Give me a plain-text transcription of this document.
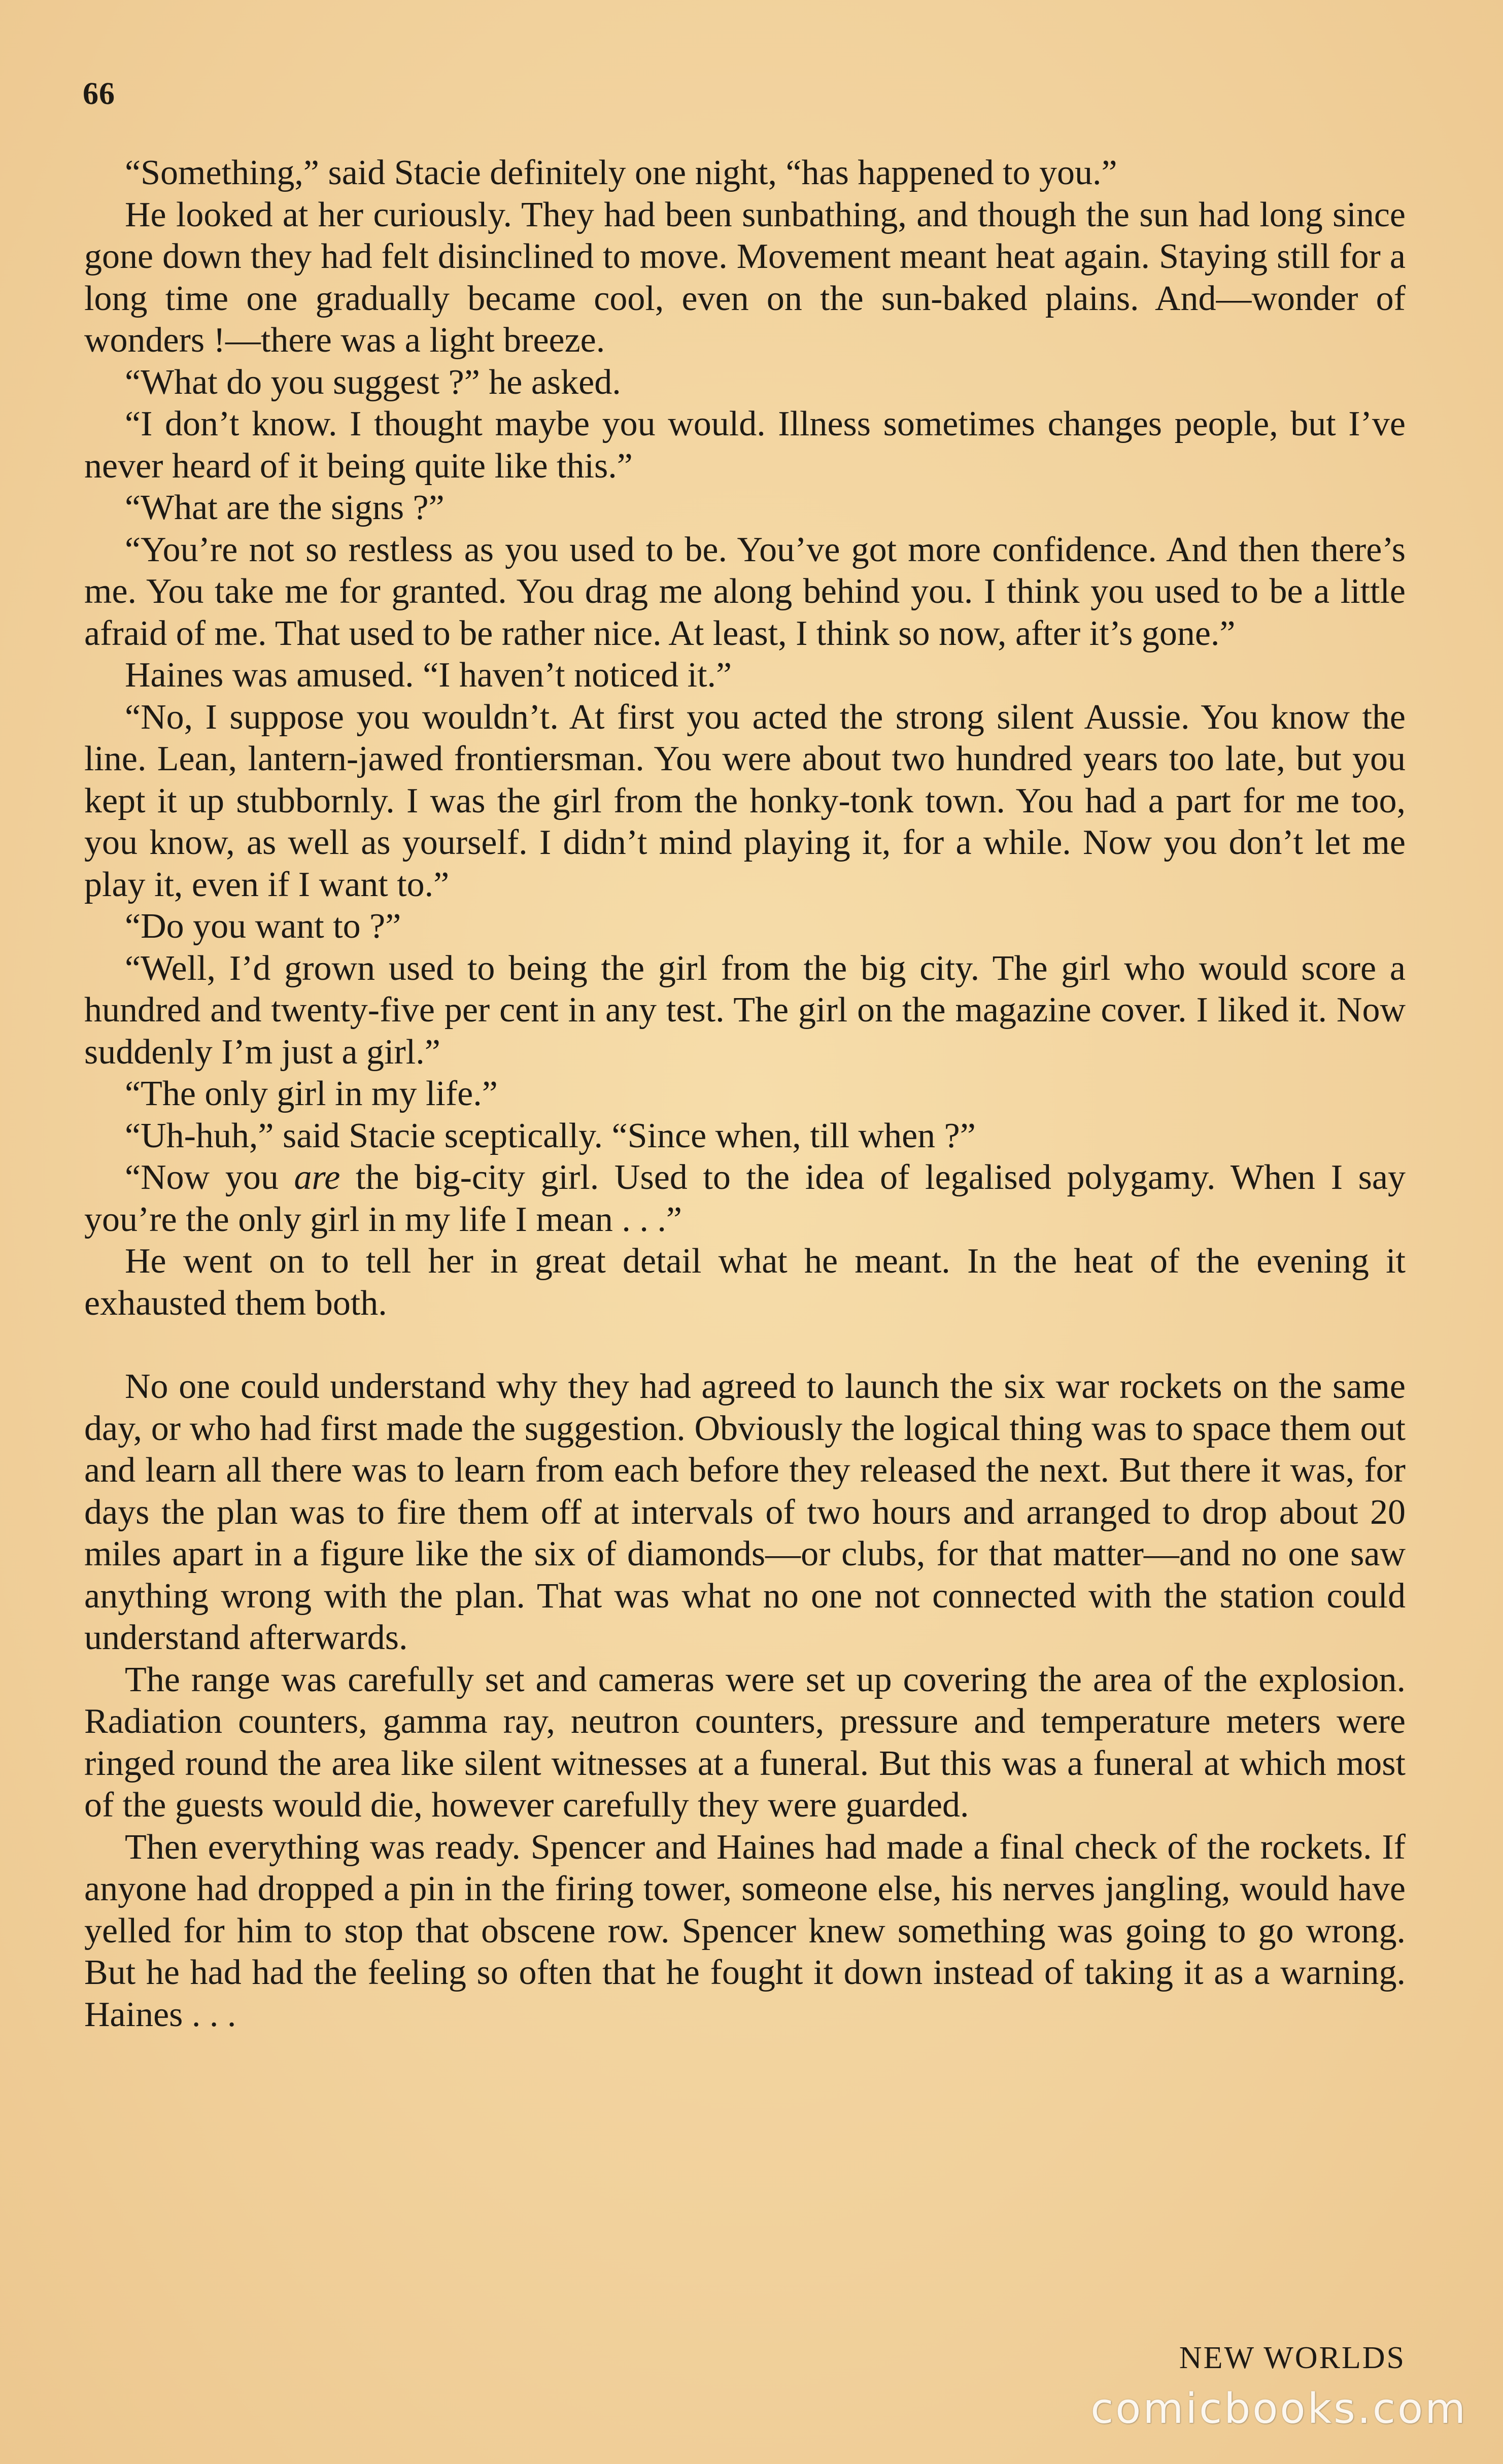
66

“Something,” said Stacie definitely one night, “has happened to you.”

He looked at her curiously. They had been sunbathing, and though the sun had long since gone down they had felt disinclined to move. Movement meant heat again. Staying still for a long time one gradually became cool, even on the sun-baked plains. And—wonder of wonders !—there was a light breeze.

“What do you suggest ?” he asked.

“I don’t know. I thought maybe you would. Illness sometimes changes people, but I’ve never heard of it being quite like this.”

“What are the signs ?”

“You’re not so restless as you used to be. You’ve got more confidence. And then there’s me. You take me for granted. You drag me along behind you. I think you used to be a little afraid of me. That used to be rather nice. At least, I think so now, after it’s gone.”

Haines was amused. “I haven’t noticed it.”

“No, I suppose you wouldn’t. At first you acted the strong silent Aussie. You know the line. Lean, lantern-jawed frontiersman. You were about two hundred years too late, but you kept it up stubbornly. I was the girl from the honky-tonk town. You had a part for me too, you know, as well as yourself. I didn’t mind playing it, for a while. Now you don’t let me play it, even if I want to.”

“Do you want to ?”

“Well, I’d grown used to being the girl from the big city. The girl who would score a hundred and twenty-five per cent in any test. The girl on the magazine cover. I liked it. Now suddenly I’m just a girl.”

“The only girl in my life.”

“Uh-huh,” said Stacie sceptically. “Since when, till when ?”

“Now you are the big-city girl. Used to the idea of legalised polygamy. When I say you’re the only girl in my life I mean . . .”

He went on to tell her in great detail what he meant. In the heat of the evening it exhausted them both.

No one could understand why they had agreed to launch the six war rockets on the same day, or who had first made the suggestion. Obviously the logical thing was to space them out and learn all there was to learn from each before they released the next. But there it was, for days the plan was to fire them off at intervals of two hours and arranged to drop about 20 miles apart in a figure like the six of diamonds—or clubs, for that matter—and no one saw anything wrong with the plan. That was what no one not connected with the station could understand afterwards.

The range was carefully set and cameras were set up covering the area of the explosion. Radiation counters, gamma ray, neutron counters, pressure and temperature meters were ringed round the area like silent witnesses at a funeral. But this was a funeral at which most of the guests would die, however carefully they were guarded.

Then everything was ready. Spencer and Haines had made a final check of the rockets. If anyone had dropped a pin in the firing tower, someone else, his nerves jangling, would have yelled for him to stop that obscene row. Spencer knew something was going to go wrong. But he had had the feeling so often that he fought it down instead of taking it as a warning. Haines . . .

NEW WORLDS
comicbooks.com
